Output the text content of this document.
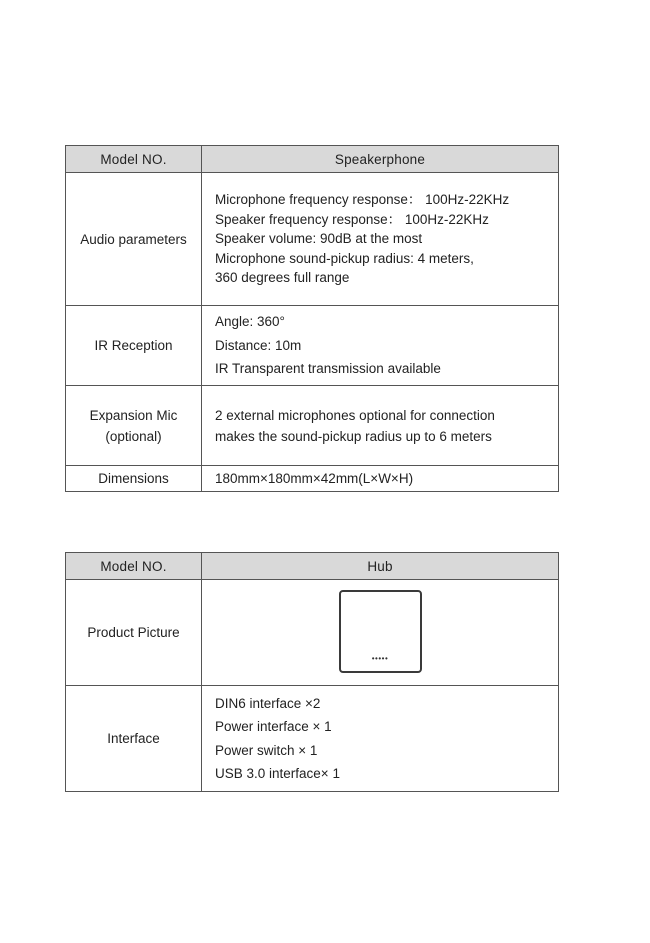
Model NO.	Speakerphone
Audio parameters	Microphone frequency response： 100Hz-22KHz
Speaker frequency response： 100Hz-22KHz
Speaker volume: 90dB at the most
Microphone sound-pickup radius: 4 meters,
360 degrees full range

IR Reception	Angle: 360°
Distance: 10m
IR Transparent transmission available

Expansion Mic
(optional)	2 external microphones optional for connection
makes the sound-pickup radius up to 6 meters

Dimensions	180mm×180mm×42mm(L×W×H)
Model NO.	Hub
Product Picture	•••••

Interface	DIN6 interface ×2
Power interface × 1
Power switch × 1
USB 3.0 interface× 1
